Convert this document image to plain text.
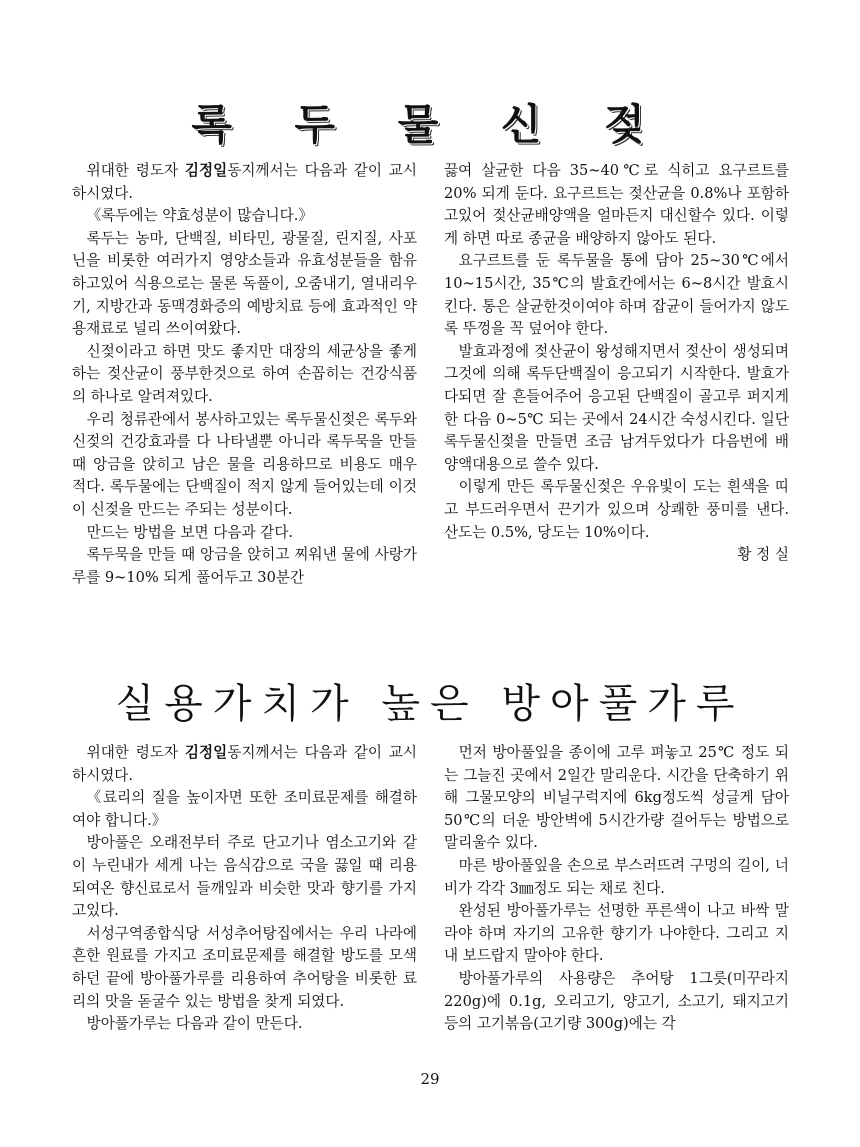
록 두 물 신 젖

위대한 령도자 김정일동지께서는 다음과 같이 교시하시였다.

《록두에는 약효성분이 많습니다.》

록두는 농마, 단백질, 비타민, 광물질, 린지질, 사포닌을 비롯한 여러가지 영양소들과 유효성분들을 함유하고있어 식용으로는 물론 독풀이, 오줌내기, 열내리우기, 지방간과 동맥경화증의 예방치료 등에 효과적인 약용재료로 널리 쓰이여왔다.

신젖이라고 하면 맛도 좋지만 대장의 세균상을 좋게 하는 젖산균이 풍부한것으로 하여 손꼽히는 건강식품의 하나로 알려져있다.

우리 청류관에서 봉사하고있는 록두물신젖은 록두와 신젖의 건강효과를 다 나타낼뿐 아니라 록두묵을 만들 때 앙금을 앉히고 남은 물을 리용하므로 비용도 매우 적다. 록두물에는 단백질이 적지 않게 들어있는데 이것이 신젖을 만드는 주되는 성분이다.

만드는 방법을 보면 다음과 같다.

록두묵을 만들 때 앙금을 앉히고 찌워낸 물에 사랑가루를 9~10% 되게 풀어두고 30분간

끓여 살균한 다음 35~40℃로 식히고 요구르트를 20% 되게 둔다. 요구르트는 젖산균을 0.8%나 포함하고있어 젖산균배양액을 얼마든지 대신할수 있다. 이렇게 하면 따로 종균을 배양하지 않아도 된다.

요구르트를 둔 록두물을 통에 담아 25~30℃에서 10~15시간, 35℃의 발효칸에서는 6~8시간 발효시킨다. 통은 살균한것이여야 하며 잡균이 들어가지 않도록 뚜껑을 꼭 덮어야 한다.

발효과정에 젖산균이 왕성해지면서 젖산이 생성되며 그것에 의해 록두단백질이 응고되기 시작한다. 발효가 다되면 잘 흔들어주어 응고된 단백질이 골고루 퍼지게 한 다음 0~5℃ 되는 곳에서 24시간 숙성시킨다. 일단 록두물신젖을 만들면 조금 남겨두었다가 다음번에 배양액대용으로 쓸수 있다.

이렇게 만든 록두물신젖은 우유빛이 도는 흰색을 띠고 부드러우면서 끈기가 있으며 상쾌한 풍미를 낸다. 산도는 0.5%, 당도는 10%이다.

황 정 실

실용가치가 높은 방아풀가루

위대한 령도자 김정일동지께서는 다음과 같이 교시하시였다.

《료리의 질을 높이자면 또한 조미료문제를 해결하여야 합니다.》

방아풀은 오래전부터 주로 단고기나 염소고기와 같이 누린내가 세게 나는 음식감으로 국을 끓일 때 리용되여온 향신료로서 들깨잎과 비슷한 맛과 향기를 가지고있다.

서성구역종합식당 서성추어탕집에서는 우리 나라에 흔한 원료를 가지고 조미료문제를 해결할 방도를 모색하던 끝에 방아풀가루를 리용하여 추어탕을 비롯한 료리의 맛을 돋굴수 있는 방법을 찾게 되였다.

방아풀가루는 다음과 같이 만든다.

먼저 방아풀잎을 종이에 고루 펴놓고 25℃ 정도 되는 그늘진 곳에서 2일간 말리운다. 시간을 단축하기 위해 그물모양의 비닐구럭지에 6kg정도씩 성글게 담아 50℃의 더운 방안벽에 5시간가량 걸어두는 방법으로 말리울수 있다.

마른 방아풀잎을 손으로 부스러뜨려 구멍의 길이, 너비가 각각 3㎜정도 되는 채로 친다.

완성된 방아풀가루는 선명한 푸른색이 나고 바싹 말라야 하며 자기의 고유한 향기가 나야한다. 그리고 지내 보드랍지 말아야 한다.

방아풀가루의 사용량은 추어탕 1그릇(미꾸라지 220g)에 0.1g, 오리고기, 양고기, 소고기, 돼지고기 등의 고기볶음(고기량 300g)에는 각

29
